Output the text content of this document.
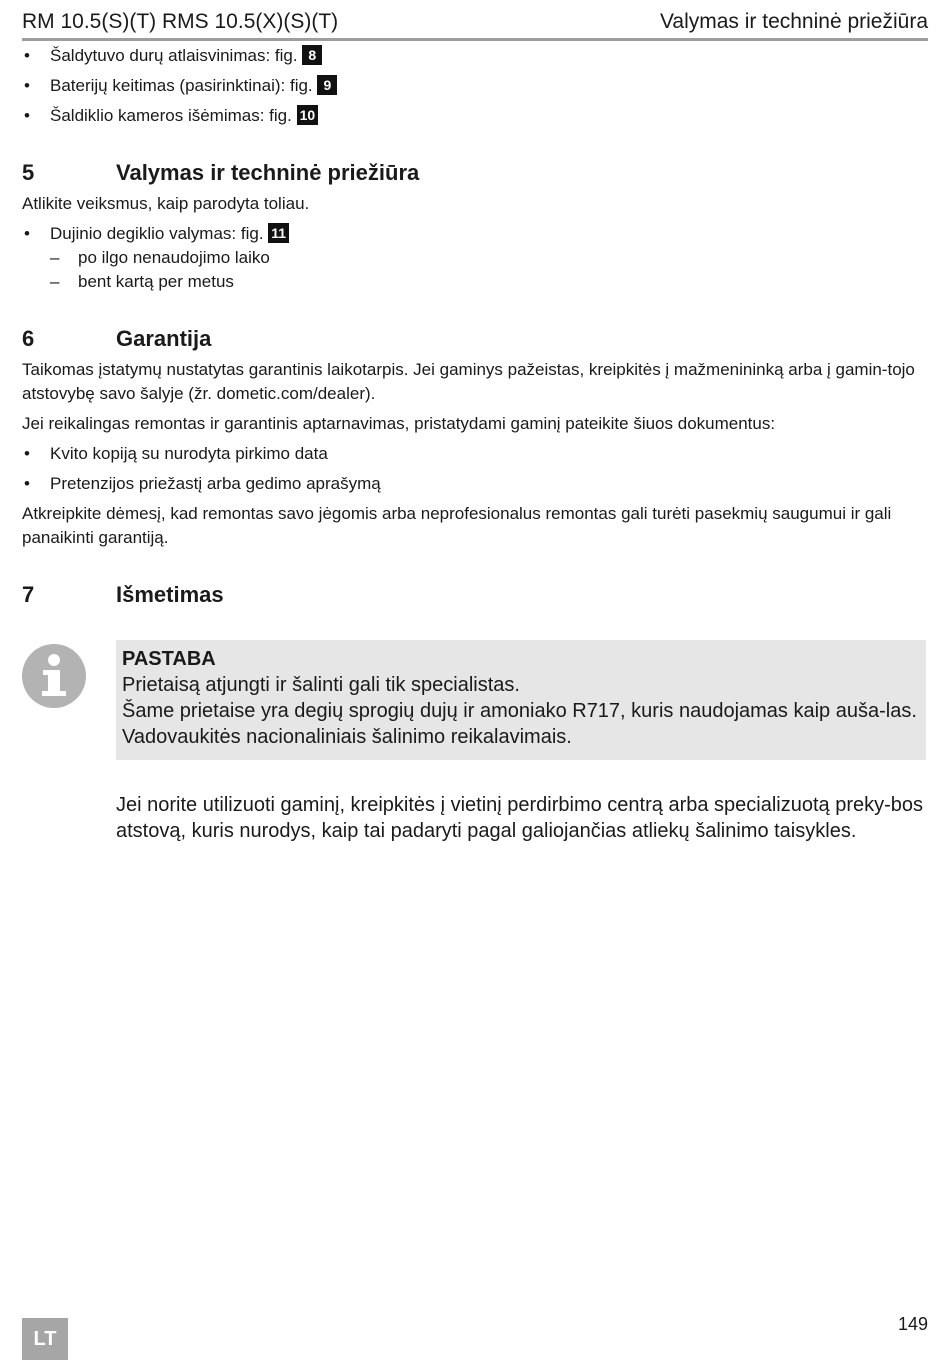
RM 10.5(S)(T) RMS 10.5(X)(S)(T)	Valymas ir techninė priežiūra
• Šaldytuvo durų atlaisvinimas: fig. 8
• Baterijų keitimas (pasirinktinai): fig. 9
• Šaldiklio kameros išėmimas: fig. 10
5	Valymas ir techninė priežiūra

Atlikite veiksmus, kaip parodyta toliau.

• Dujinio degiklio valymas: fig. 11
– po ilgo nenaudojimo laiko
– bent kartą per metus
6	Garantija

Taikomas įstatymų nustatytas garantinis laikotarpis. Jei gaminys pažeistas, kreipkitės į mažmenininką arba į gamin-tojo atstovybę savo šalyje (žr. dometic.com/dealer).

Jei reikalingas remontas ir garantinis aptarnavimas, pristatydami gaminį pateikite šiuos dokumentus:

• Kvito kopiją su nurodyta pirkimo data
• Pretenzijos priežastį arba gedimo aprašymą

Atkreipkite dėmesį, kad remontas savo jėgomis arba neprofesionalus remontas gali turėti pasekmių saugumui ir gali panaikinti garantiją.

7	Išmetimas
PASTABA
Prietaisą atjungti ir šalinti gali tik specialistas.
Šame prietaise yra degių sprogių dujų ir amoniako R717, kuris naudojamas kaip auša-las. Vadovaukitės nacionaliniais šalinimo reikalavimais.
Jei norite utilizuoti gaminį, kreipkitės į vietinį perdirbimo centrą arba specializuotą preky-bos atstovą, kuris nurodys, kaip tai padaryti pagal galiojančias atliekų šalinimo taisykles.
LT
149
